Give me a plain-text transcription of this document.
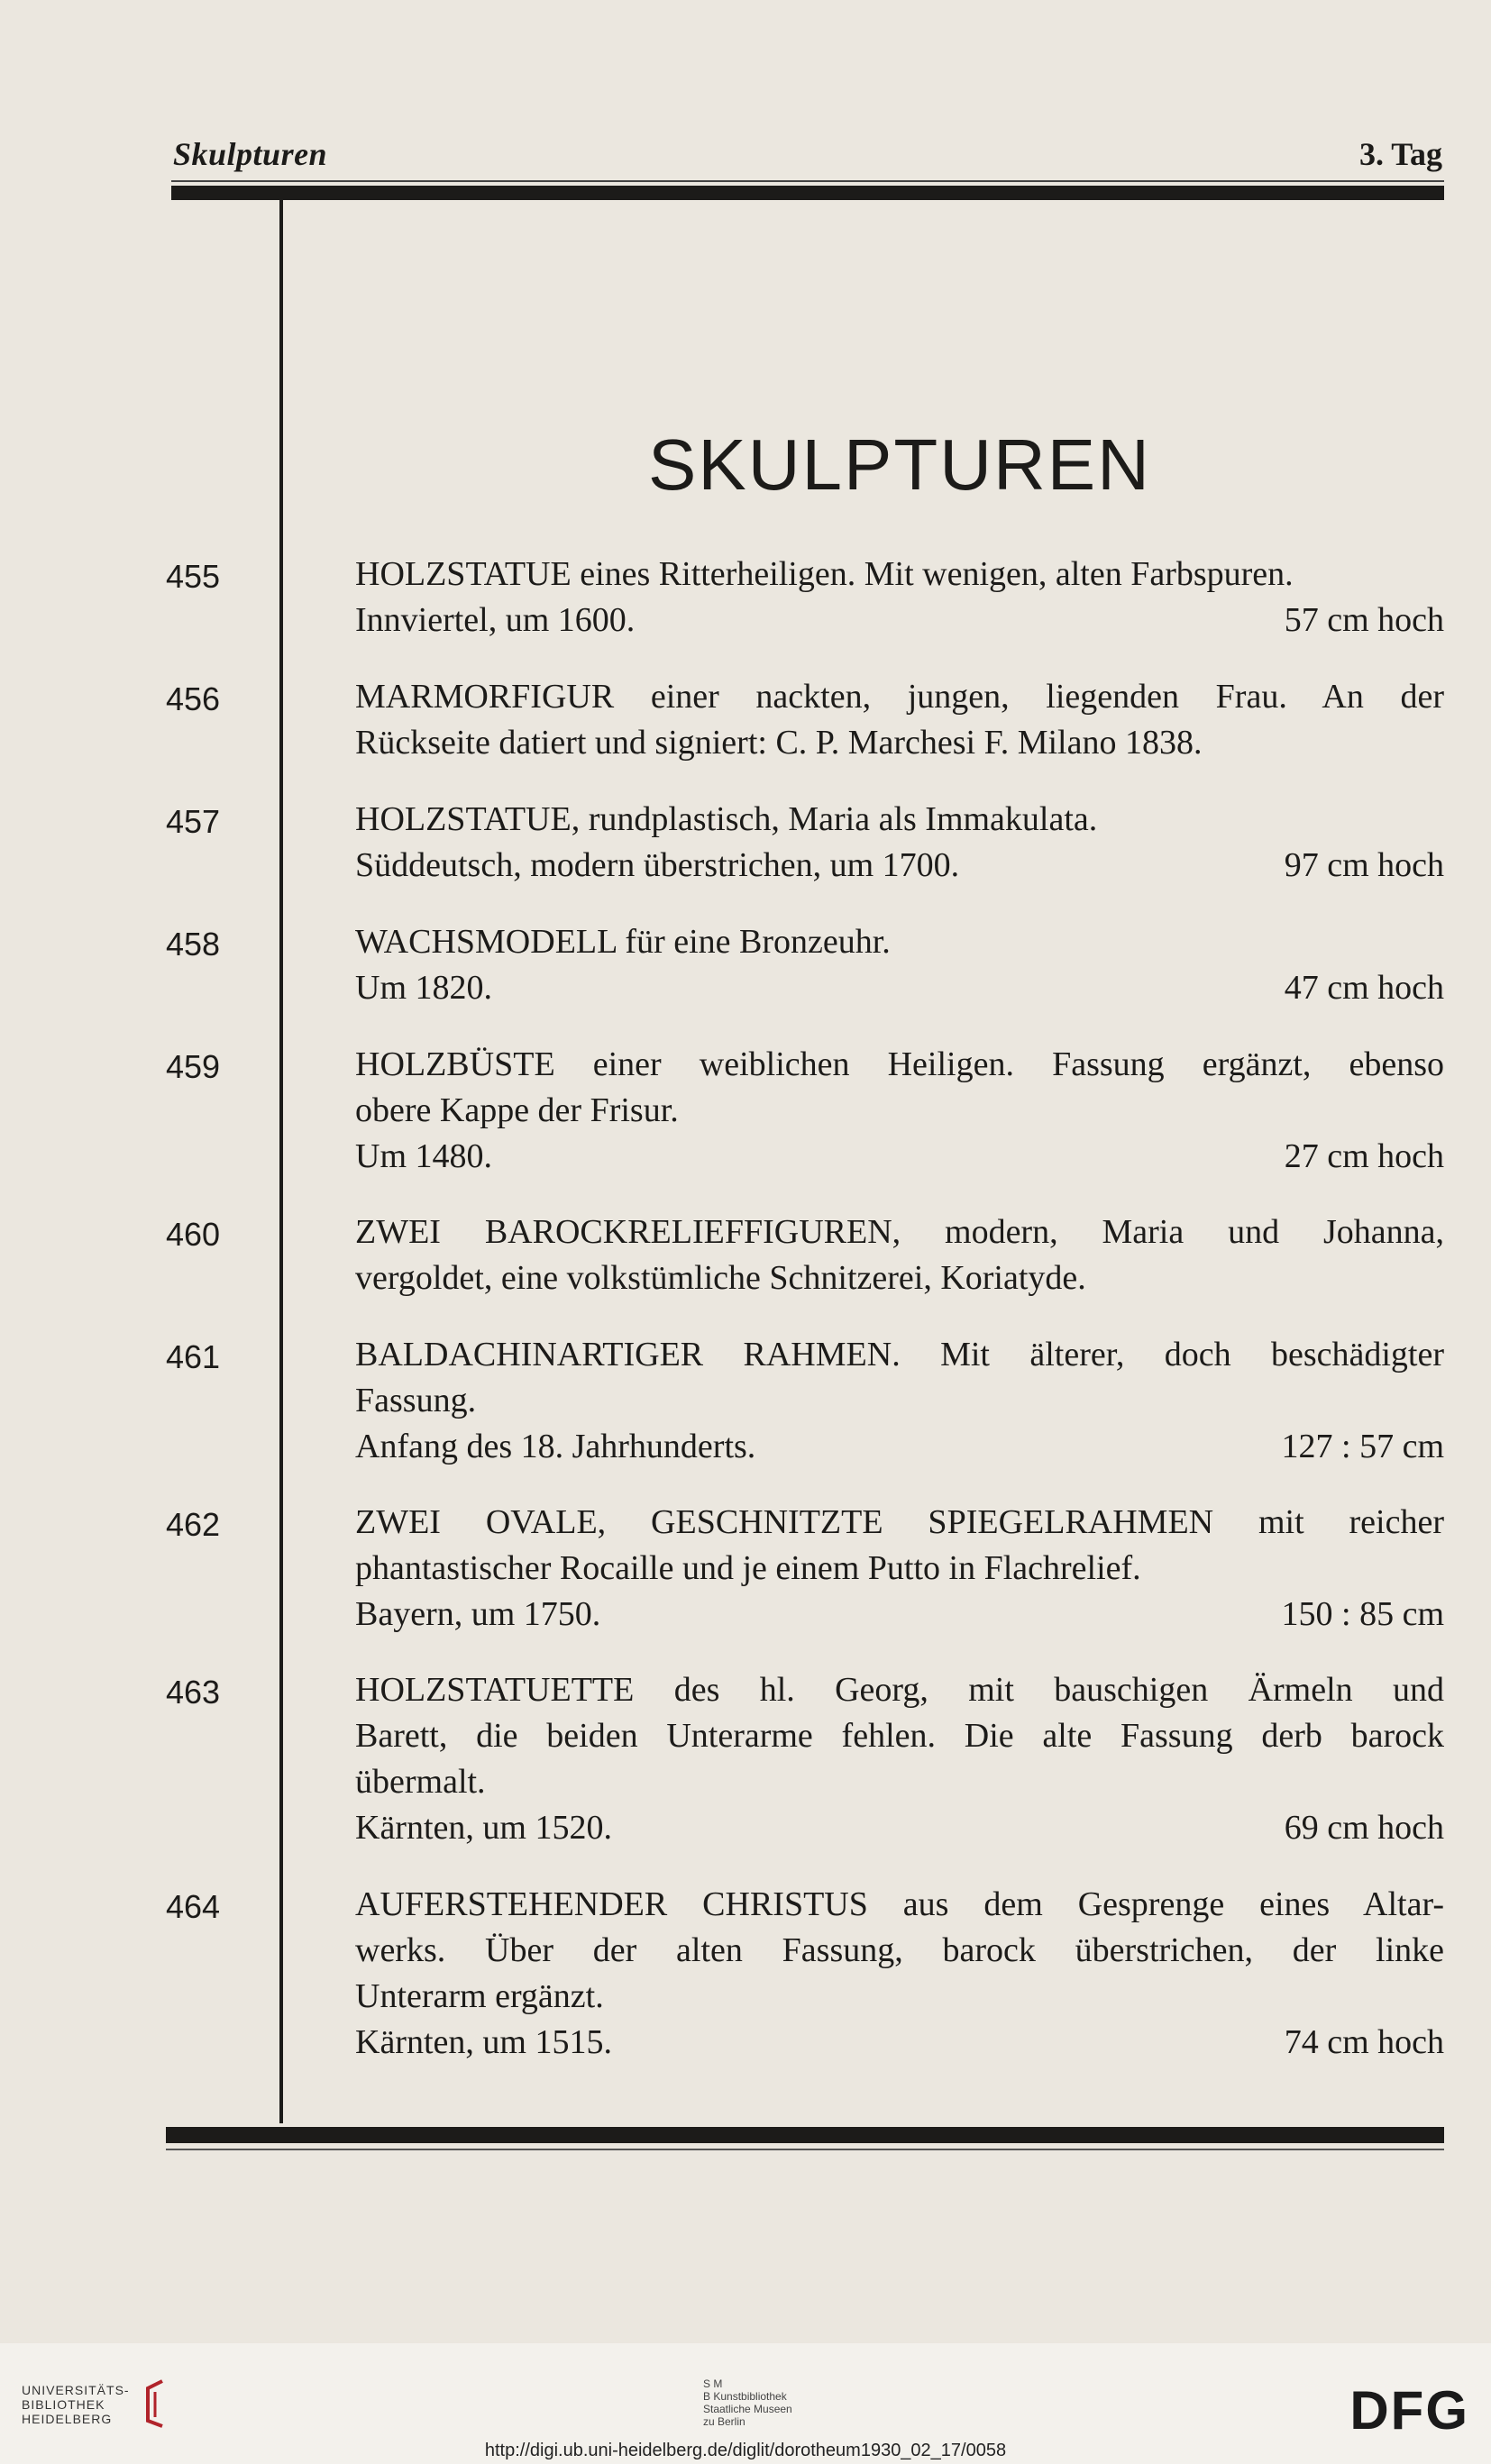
Skulpturen	3. Tag
SKULPTUREN
455	HOLZSTATUE eines Ritterheiligen. Mit wenigen, alten Farbspuren.
Innviertel, um 1600.	57 cm hoch
456	MARMORFIGUR einer nackten, jungen, liegenden Frau. An der
Rückseite datiert und signiert: C. P. Marchesi F. Milano 1838.
457	HOLZSTATUE, rundplastisch, Maria als Immakulata.
Süddeutsch, modern überstrichen, um 1700.	97 cm hoch
458	WACHSMODELL für eine Bronzeuhr.
Um 1820.	47 cm hoch
459	HOLZBÜSTE einer weiblichen Heiligen. Fassung ergänzt, ebenso
obere Kappe der Frisur.
Um 1480.	27 cm hoch
460	ZWEI BAROCKRELIEFFIGUREN, modern, Maria und Johanna,
vergoldet, eine volkstümliche Schnitzerei, Koriatyde.
461	BALDACHINARTIGER RAHMEN. Mit älterer, doch beschädigter
Fassung.
Anfang des 18. Jahrhunderts.	127 : 57 cm
462	ZWEI OVALE, GESCHNITZTE SPIEGELRAHMEN mit reicher
phantastischer Rocaille und je einem Putto in Flachrelief.
Bayern, um 1750.	150 : 85 cm
463	HOLZSTATUETTE des hl. Georg, mit bauschigen Ärmeln und
Barett, die beiden Unterarme fehlen. Die alte Fassung derb barock
übermalt.
Kärnten, um 1520.	69 cm hoch
464	AUFERSTEHENDER CHRISTUS aus dem Gesprenge eines Altar-
werks. Über der alten Fassung, barock überstrichen, der linke
Unterarm ergänzt.
Kärnten, um 1515.	74 cm hoch
UNIVERSITÄTS-
BIBLIOTHEK
HEIDELBERG
S M
B Kunstbibliothek
Staatliche Museen
zu Berlin	DFG
http://digi.ub.uni-heidelberg.de/diglit/dorotheum1930_02_17/0058
